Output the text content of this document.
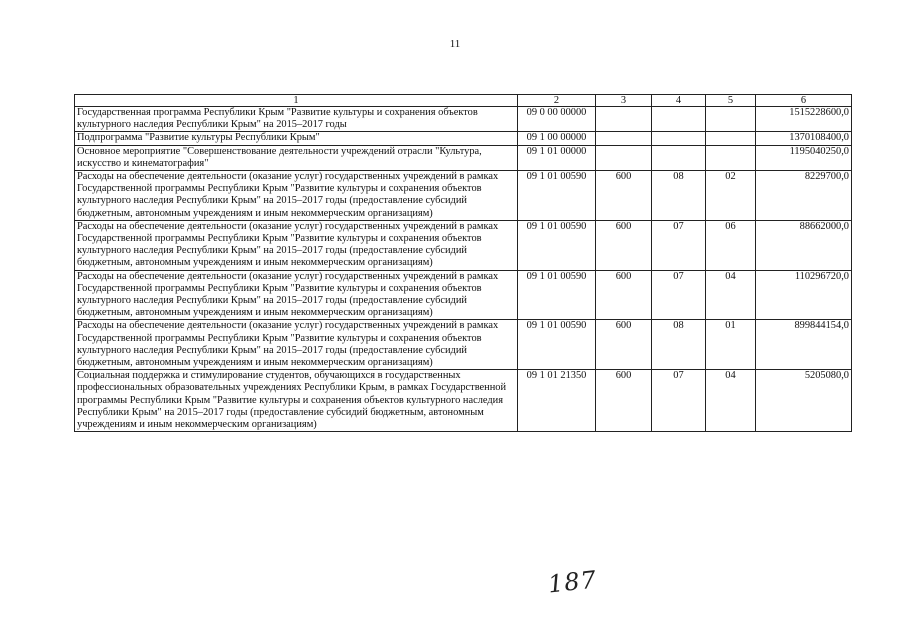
11
1	2	3	4	5	6
Государственная программа Республики Крым "Развитие культуры и сохранения объектов культурного наследия Республики Крым" на 2015–2017 годы	09 0 00 00000				1515228600,0
Подпрограмма "Развитие культуры Республики Крым"	09 1 00 00000				1370108400,0
Основное мероприятие "Совершенствование деятельности учреждений отрасли "Культура, искусство и кинематография"	09 1 01 00000				1195040250,0
Расходы на обеспечение деятельности (оказание услуг) государственных учреждений в рамках Государственной программы Республики Крым "Развитие культуры и сохранения объектов культурного наследия Республики Крым" на 2015–2017 годы (предоставление субсидий бюджетным, автономным учреждениям и иным некоммерческим организациям)	09 1 01 00590	600	08	02	8229700,0
Расходы на обеспечение деятельности (оказание услуг) государственных учреждений в рамках Государственной программы Республики Крым "Развитие культуры и сохранения объектов культурного наследия Республики Крым" на 2015–2017 годы (предоставление субсидий бюджетным, автономным учреждениям и иным некоммерческим организациям)	09 1 01 00590	600	07	06	88662000,0
Расходы на обеспечение деятельности (оказание услуг) государственных учреждений в рамках Государственной программы Республики Крым "Развитие культуры и сохранения объектов культурного наследия Республики Крым" на 2015–2017 годы (предоставление субсидий бюджетным, автономным учреждениям и иным некоммерческим организациям)	09 1 01 00590	600	07	04	110296720,0
Расходы на обеспечение деятельности (оказание услуг) государственных учреждений в рамках Государственной программы Республики Крым "Развитие культуры и сохранения объектов культурного наследия Республики Крым" на 2015–2017 годы (предоставление субсидий бюджетным, автономным учреждениям и иным некоммерческим организациям)	09 1 01 00590	600	08	01	899844154,0
Социальная поддержка и стимулирование студентов, обучающихся в государственных профессиональных образовательных учреждениях Республики Крым, в рамках Государственной программы Республики Крым "Развитие культуры и сохранения объектов культурного наследия Республики Крым" на 2015–2017 годы (предоставление субсидий бюджетным, автономным учреждениям и иным некоммерческим организациям)	09 1 01 21350	600	07	04	5205080,0
187
